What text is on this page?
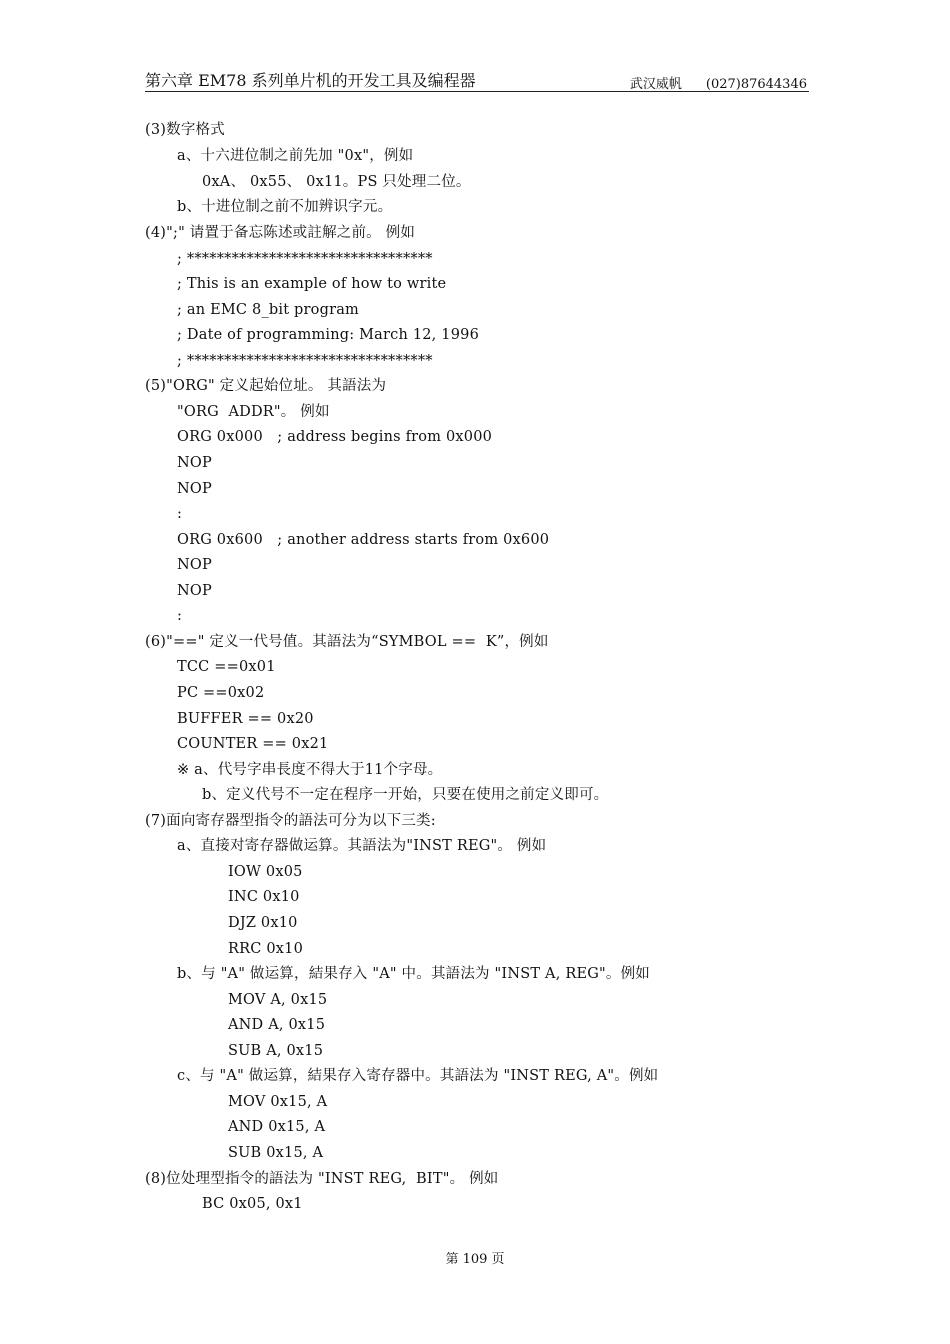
第六章 EM78 系列单片机的开发工具及编程器	武汉威帆 (027)87644346
(3)数字格式
a、十六进位制之前先加 "0x"，例如
0xA、 0x55、 0x11。PS 只处理二位。
b、十进位制之前不加辨识字元。
(4)";" 请置于备忘陈述或註解之前。 例如
; *********************************
; This is an example of how to write
; an EMC 8_bit program
; Date of programming: March 12, 1996
; *********************************
(5)"ORG" 定义起始位址。 其語法为
"ORG  ADDR"。 例如
ORG 0x000   ; address begins from 0x000
NOP
NOP
:
ORG 0x600   ; another address starts from 0x600
NOP
NOP
:
(6)"==" 定义一代号值。其語法为“SYMBOL ==  K”，例如
TCC ==0x01
PC ==0x02
BUFFER == 0x20
COUNTER == 0x21
※ a、代号字串長度不得大于11个字母。
b、定义代号不一定在程序一开始，只要在使用之前定义即可。
(7)面向寄存器型指令的語法可分为以下三类:
a、直接对寄存器做运算。其語法为"INST REG"。 例如
IOW 0x05
INC 0x10
DJZ 0x10
RRC 0x10
b、与 "A" 做运算，結果存入 "A" 中。其語法为 "INST A, REG"。例如
MOV A, 0x15
AND A, 0x15
SUB A, 0x15
c、与 "A" 做运算，結果存入寄存器中。其語法为 "INST REG, A"。例如
MOV 0x15, A
AND 0x15, A
SUB 0x15, A
(8)位处理型指令的語法为 "INST REG,  BIT"。 例如
BC 0x05, 0x1
第 109 页
